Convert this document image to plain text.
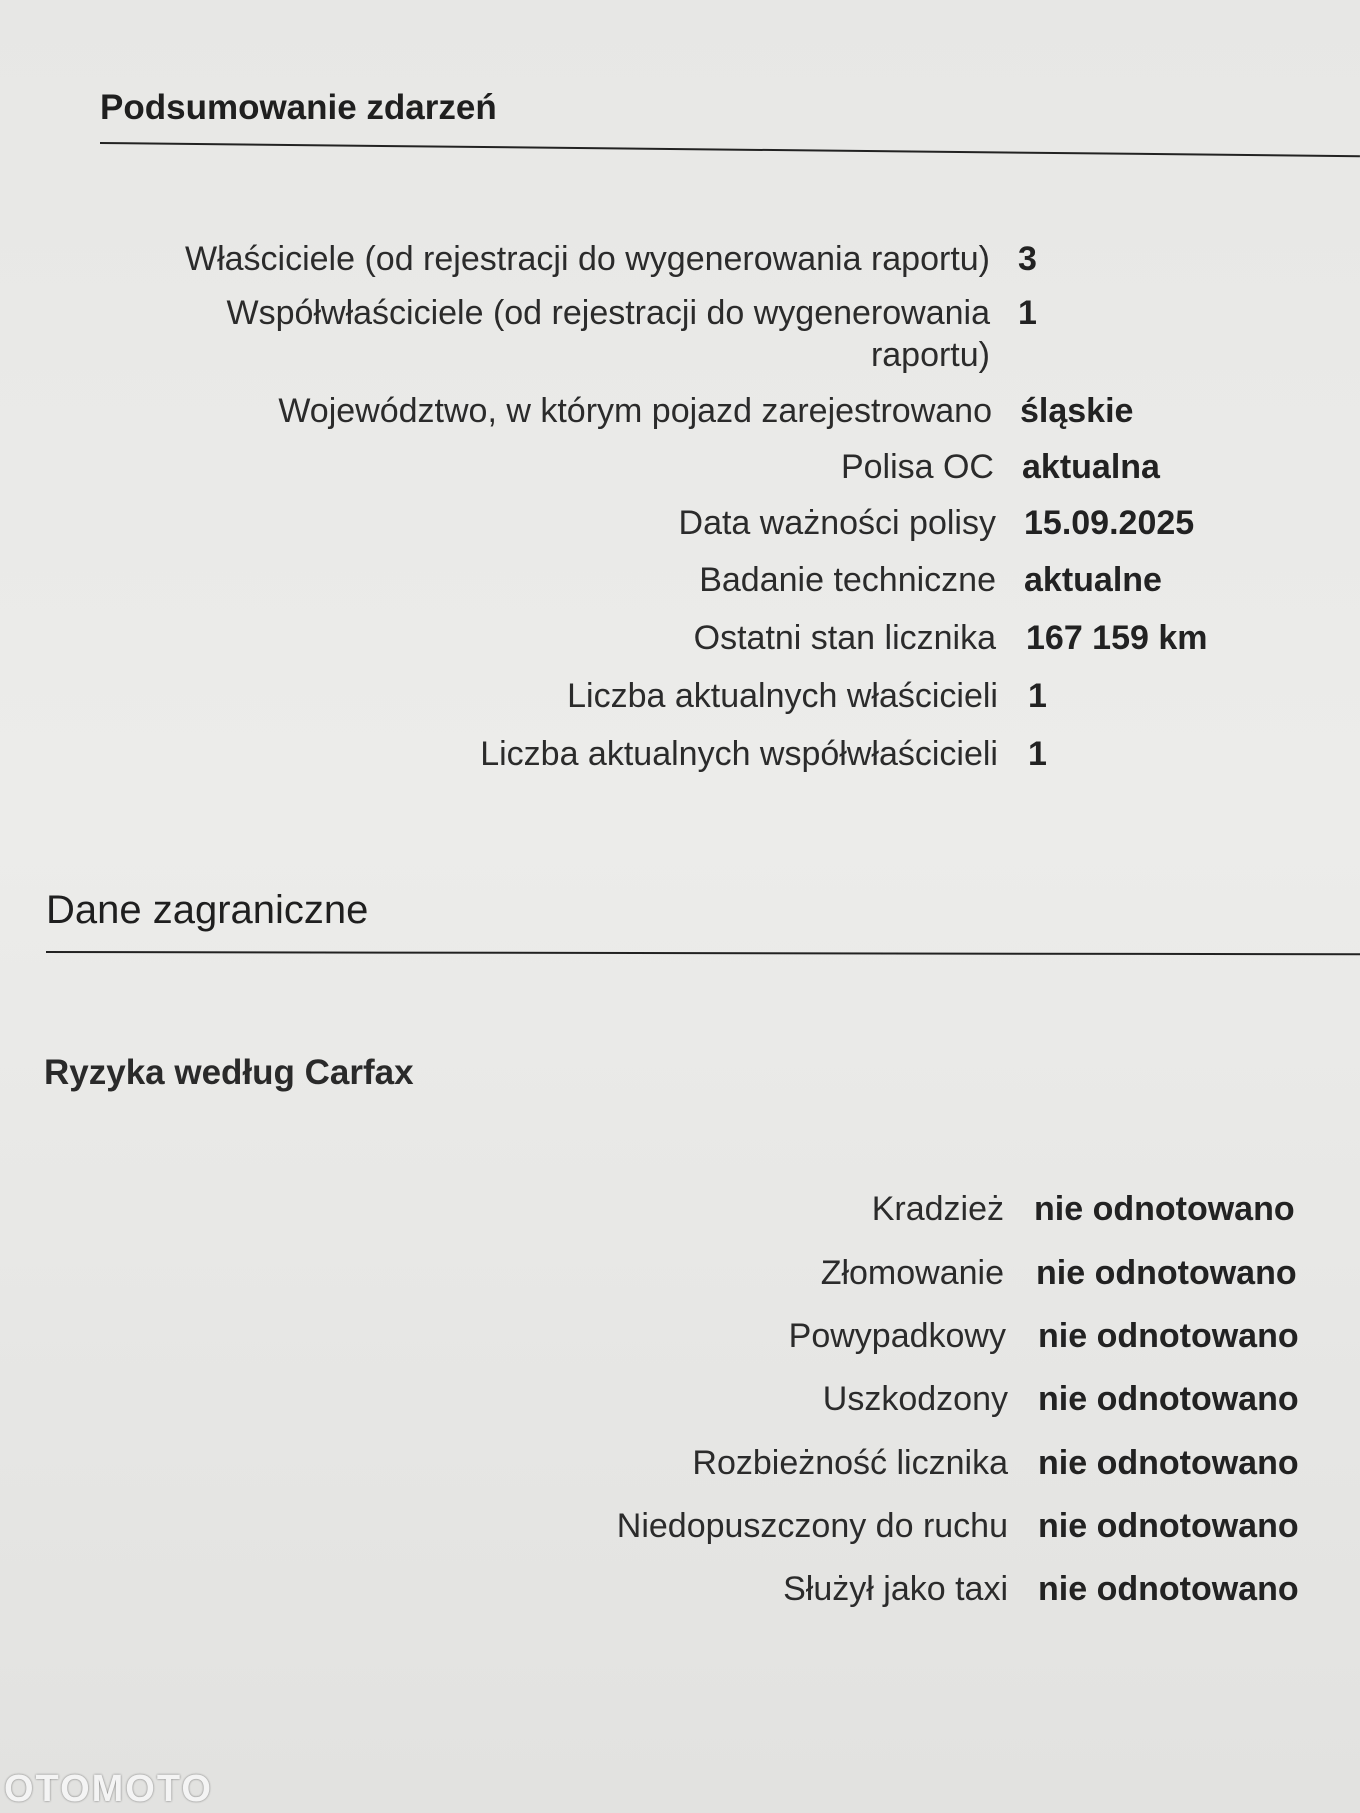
Podsumowanie zdarzeń
Właściciele (od rejestracji do wygenerowania raportu) 3
Współwłaściciele (od rejestracji do wygenerowania raportu)
1
Województwo, w którym pojazd zarejestrowano śląskie
Polisa OC aktualna
Data ważności polisy 15.09.2025
Badanie techniczne aktualne
Ostatni stan licznika 167 159 km
Liczba aktualnych właścicieli 1
Liczba aktualnych współwłaścicieli 1
Dane zagraniczne
Ryzyka według Carfax
Kradzież nie odnotowano
Złomowanie nie odnotowano
Powypadkowy nie odnotowano
Uszkodzony nie odnotowano
Rozbieżność licznika nie odnotowano
Niedopuszczony do ruchu nie odnotowano
Służył jako taxi nie odnotowano
OTOMOTO
